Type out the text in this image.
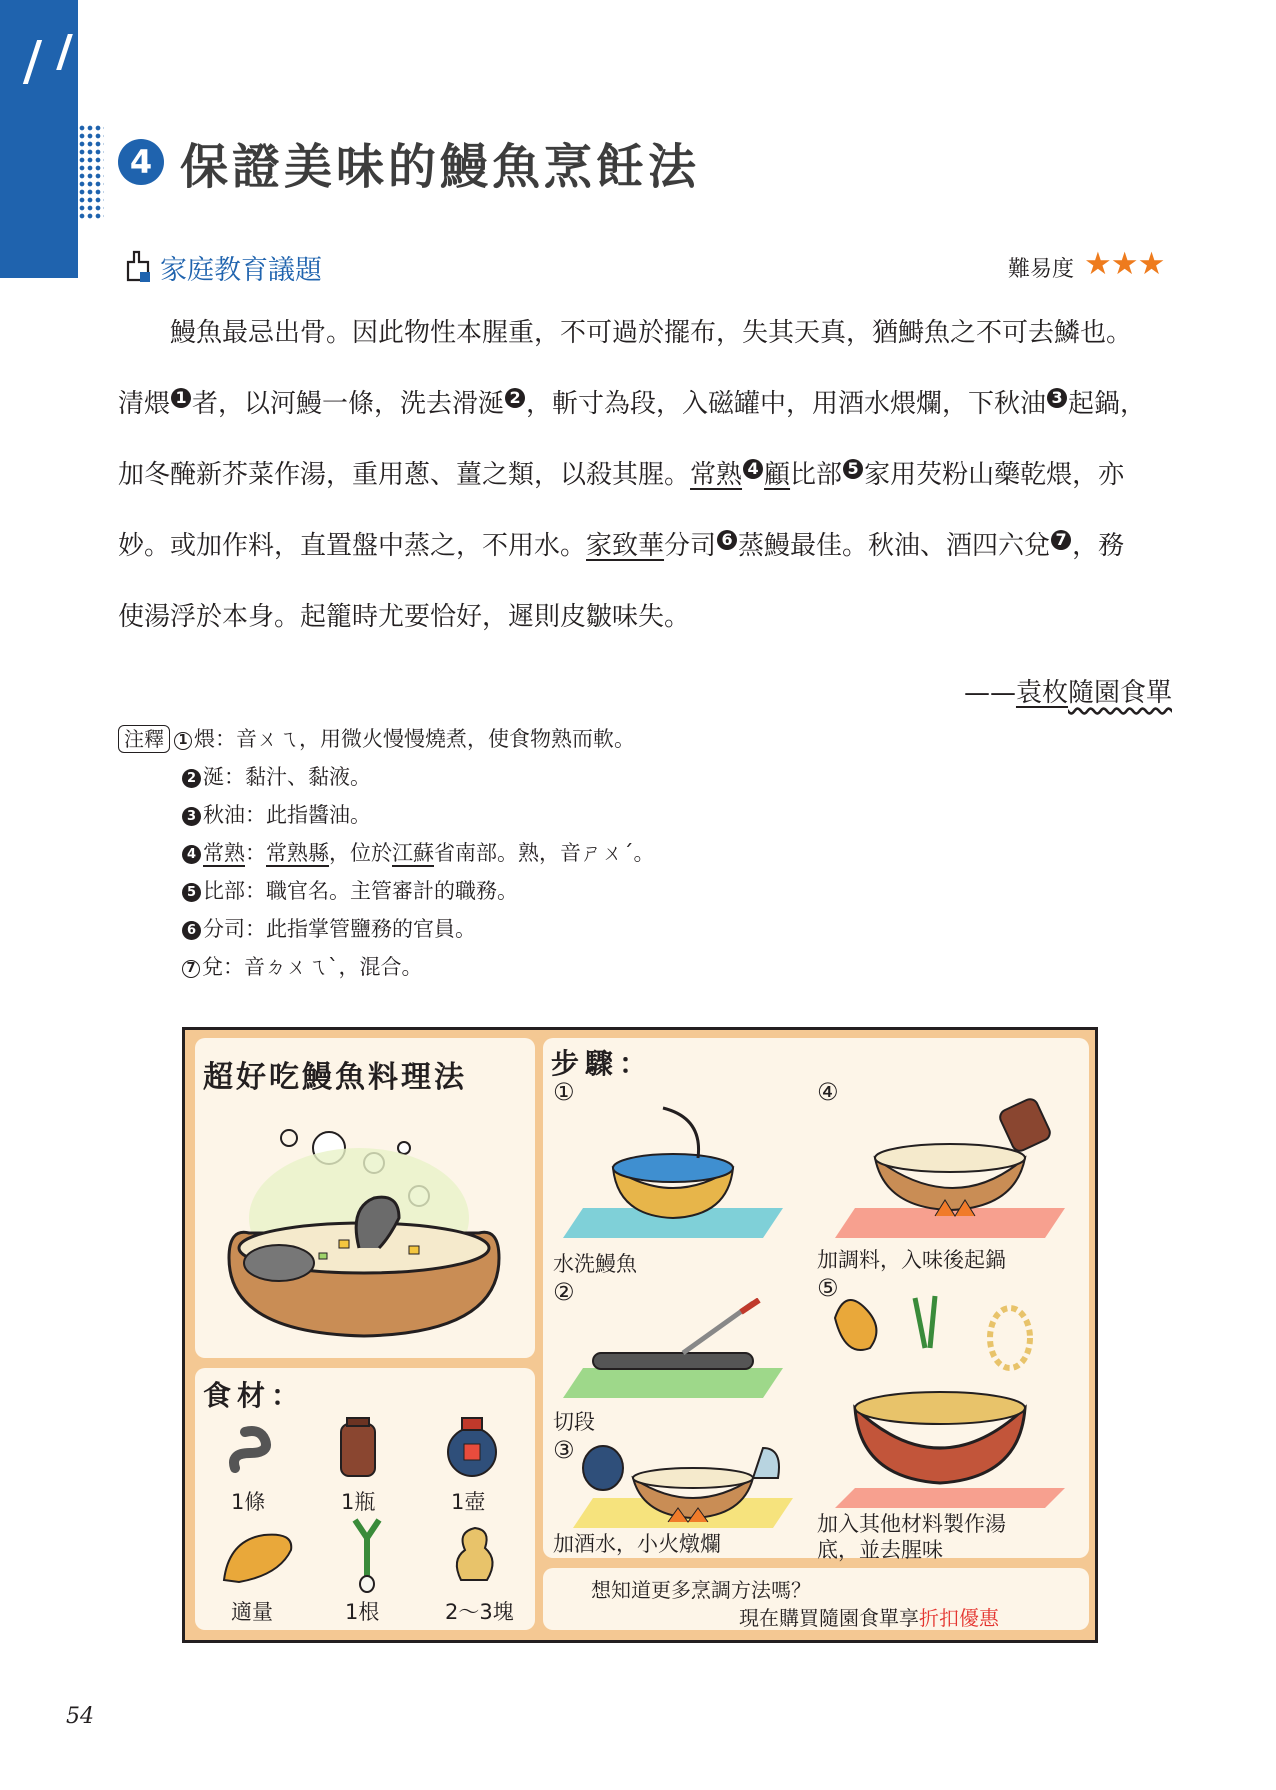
4 保證美味的鰻魚烹飪法
家庭教育議題	難易度 ★★★

鰻魚最忌出骨。因此物性本腥重，不可過於擺布，失其天真，猶鰣魚之不可去鱗也。

清煨 1 者，以河鰻一條，洗去滑涎 2 ，斬寸為段，入磁罐中，用酒水煨爛，下秋油 3 起鍋，

加冬醃新芥菜作湯，重用蔥、薑之類，以殺其腥。常熟 4 顧比部 5 家用芡粉山藥乾煨，亦

妙。或加作料，直置盤中蒸之，不用水。家致華分司 6 蒸鰻最佳。秋油、酒四六兌 7 ，務

使湯浮於本身。起籠時尤要恰好，遲則皮皺味失。

——袁枚隨園食單
注釋 1 煨：音ㄨㄟ，用微火慢慢燒煮，使食物熟而軟。
2 涎：黏汁、黏液。
3 秋油：此指醬油。
4 常熟：常熟縣，位於江蘇省南部。熟，音ㄕㄨˊ。
5 比部：職官名。主管審計的職務。
6 分司：此指掌管鹽務的官員。
7 兌：音ㄉㄨㄟˋ，混合。
超好吃鰻魚料理法
食材：
1條	1瓶	1壺
適量	1根	2～3塊
步驟：
①
水洗鰻魚
②
切段
③
加酒水，小火燉爛
④
加調料，入味後起鍋
⑤
加入其他材料製作湯
底，並去腥味
想知道更多烹調方法嗎？
現在購買隨園食單享折扣優惠
54
